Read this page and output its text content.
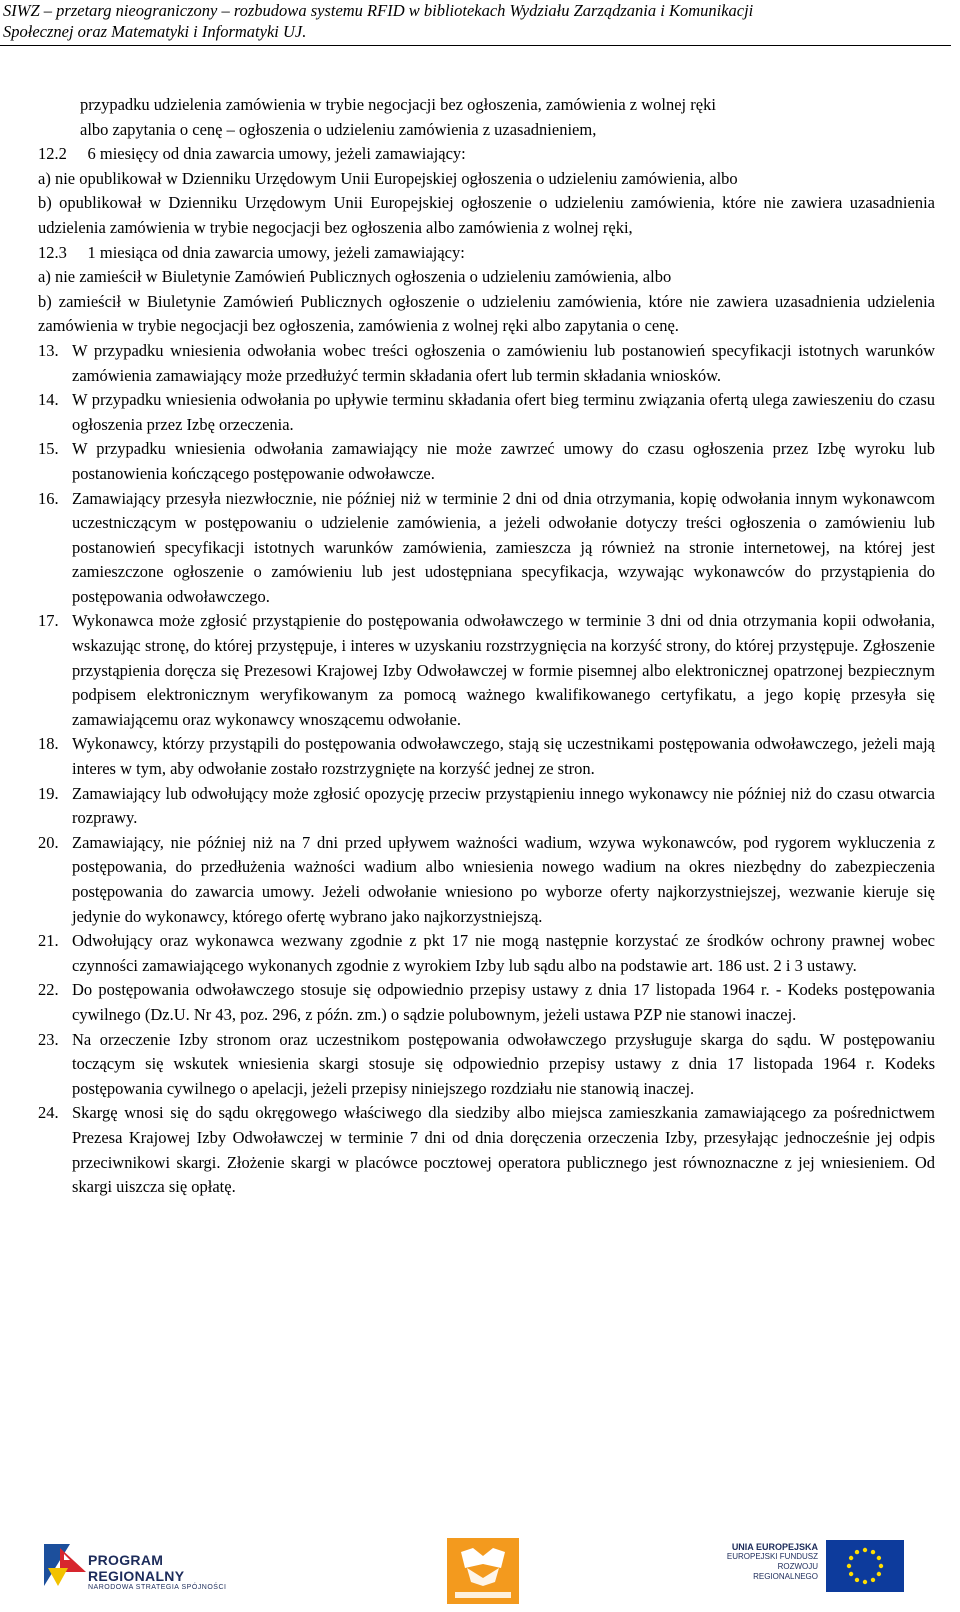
SIWZ – przetarg nieograniczony – rozbudowa systemu RFID w bibliotekach Wydziału Zarządzania i Komunikacji
Społecznej oraz Matematyki i Informatyki UJ.

przypadku udzielenia zamówienia w trybie negocjacji bez ogłoszenia, zamówienia z wolnej ręki

albo zapytania o cenę – ogłoszenia o udzieleniu zamówienia z uzasadnieniem,

12.2     6 miesięcy od dnia zawarcia umowy, jeżeli zamawiający:

a) nie opublikował w Dzienniku Urzędowym Unii Europejskiej ogłoszenia o udzieleniu zamówienia, albo

b) opublikował w Dzienniku Urzędowym Unii Europejskiej ogłoszenie o udzieleniu zamówienia, które nie zawiera uzasadnienia udzielenia zamówienia w trybie negocjacji bez ogłoszenia albo zamówienia z wolnej ręki,

12.3     1 miesiąca od dnia zawarcia umowy, jeżeli zamawiający:

a) nie zamieścił w Biuletynie Zamówień Publicznych ogłoszenia o udzieleniu zamówienia, albo

b) zamieścił w Biuletynie Zamówień Publicznych ogłoszenie o udzieleniu zamówienia, które nie zawiera uzasadnienia udzielenia zamówienia w trybie negocjacji bez ogłoszenia, zamówienia z wolnej ręki albo zapytania o cenę.

13. W przypadku wniesienia odwołania wobec treści ogłoszenia o zamówieniu lub postanowień specyfikacji istotnych warunków zamówienia zamawiający może przedłużyć termin składania ofert lub termin składania wniosków.
14. W przypadku wniesienia odwołania po upływie terminu składania ofert bieg terminu związania ofertą ulega zawieszeniu do czasu ogłoszenia przez Izbę orzeczenia.
15. W przypadku wniesienia odwołania zamawiający nie może zawrzeć umowy do czasu ogłoszenia przez Izbę wyroku lub postanowienia kończącego postępowanie odwoławcze.
16. Zamawiający przesyła niezwłocznie, nie później niż w terminie 2 dni od dnia otrzymania, kopię odwołania innym wykonawcom uczestniczącym w postępowaniu o udzielenie zamówienia, a jeżeli odwołanie dotyczy treści ogłoszenia o zamówieniu lub postanowień specyfikacji istotnych warunków zamówienia, zamieszcza ją również na stronie internetowej, na której jest zamieszczone ogłoszenie o zamówieniu lub jest udostępniana specyfikacja, wzywając wykonawców do przystąpienia do postępowania odwoławczego.
17. Wykonawca może zgłosić przystąpienie do postępowania odwoławczego w terminie 3 dni od dnia otrzymania kopii odwołania, wskazując stronę, do której przystępuje, i interes w uzyskaniu rozstrzygnięcia na korzyść strony, do której przystępuje. Zgłoszenie przystąpienia doręcza się Prezesowi Krajowej Izby Odwoławczej w formie pisemnej albo elektronicznej opatrzonej bezpiecznym podpisem elektronicznym weryfikowanym za pomocą ważnego kwalifikowanego certyfikatu, a jego kopię przesyła się zamawiającemu oraz wykonawcy wnoszącemu odwołanie.
18. Wykonawcy, którzy przystąpili do postępowania odwoławczego, stają się uczestnikami postępowania odwoławczego, jeżeli mają interes w tym, aby odwołanie zostało rozstrzygnięte na korzyść jednej ze stron.
19. Zamawiający lub odwołujący może zgłosić opozycję przeciw przystąpieniu innego wykonawcy nie później niż do czasu otwarcia rozprawy.
20. Zamawiający, nie później niż na 7 dni przed upływem ważności wadium, wzywa wykonawców, pod rygorem wykluczenia z postępowania, do przedłużenia ważności wadium albo wniesienia nowego wadium na okres niezbędny do zabezpieczenia postępowania do zawarcia umowy. Jeżeli odwołanie wniesiono po wyborze oferty najkorzystniejszej, wezwanie kieruje się jedynie do wykonawcy, którego ofertę wybrano jako najkorzystniejszą.
21. Odwołujący oraz wykonawca wezwany zgodnie z pkt 17 nie mogą następnie korzystać ze środków ochrony prawnej wobec czynności zamawiającego wykonanych zgodnie z wyrokiem Izby lub sądu albo na podstawie art. 186 ust. 2 i 3 ustawy.
22. Do postępowania odwoławczego stosuje się odpowiednio przepisy ustawy z dnia 17 listopada 1964 r. - Kodeks postępowania cywilnego (Dz.U. Nr 43, poz. 296, z późn. zm.) o sądzie polubownym, jeżeli ustawa PZP nie stanowi inaczej.
23. Na orzeczenie Izby stronom oraz uczestnikom postępowania odwoławczego przysługuje skarga do sądu. W postępowaniu toczącym się wskutek wniesienia skargi stosuje się odpowiednio przepisy ustawy z dnia 17 listopada 1964 r. Kodeks postępowania cywilnego o apelacji, jeżeli przepisy niniejszego rozdziału nie stanowią inaczej.
24. Skargę wnosi się do sądu okręgowego właściwego dla siedziby albo miejsca zamieszkania zamawiającego za pośrednictwem Prezesa Krajowej Izby Odwoławczej w terminie 7 dni od dnia doręczenia orzeczenia Izby, przesyłając jednocześnie jej odpis przeciwnikowi skargi. Złożenie skargi w placówce pocztowej operatora publicznego jest równoznaczne z jej wniesieniem. Od skargi uiszcza się opłatę.
PROGRAM REGIONALNY
NARODOWA STRATEGIA SPÓJNOŚCI
UNIA EUROPEJSKA
EUROPEJSKI FUNDUSZ
ROZWOJU REGIONALNEGO
